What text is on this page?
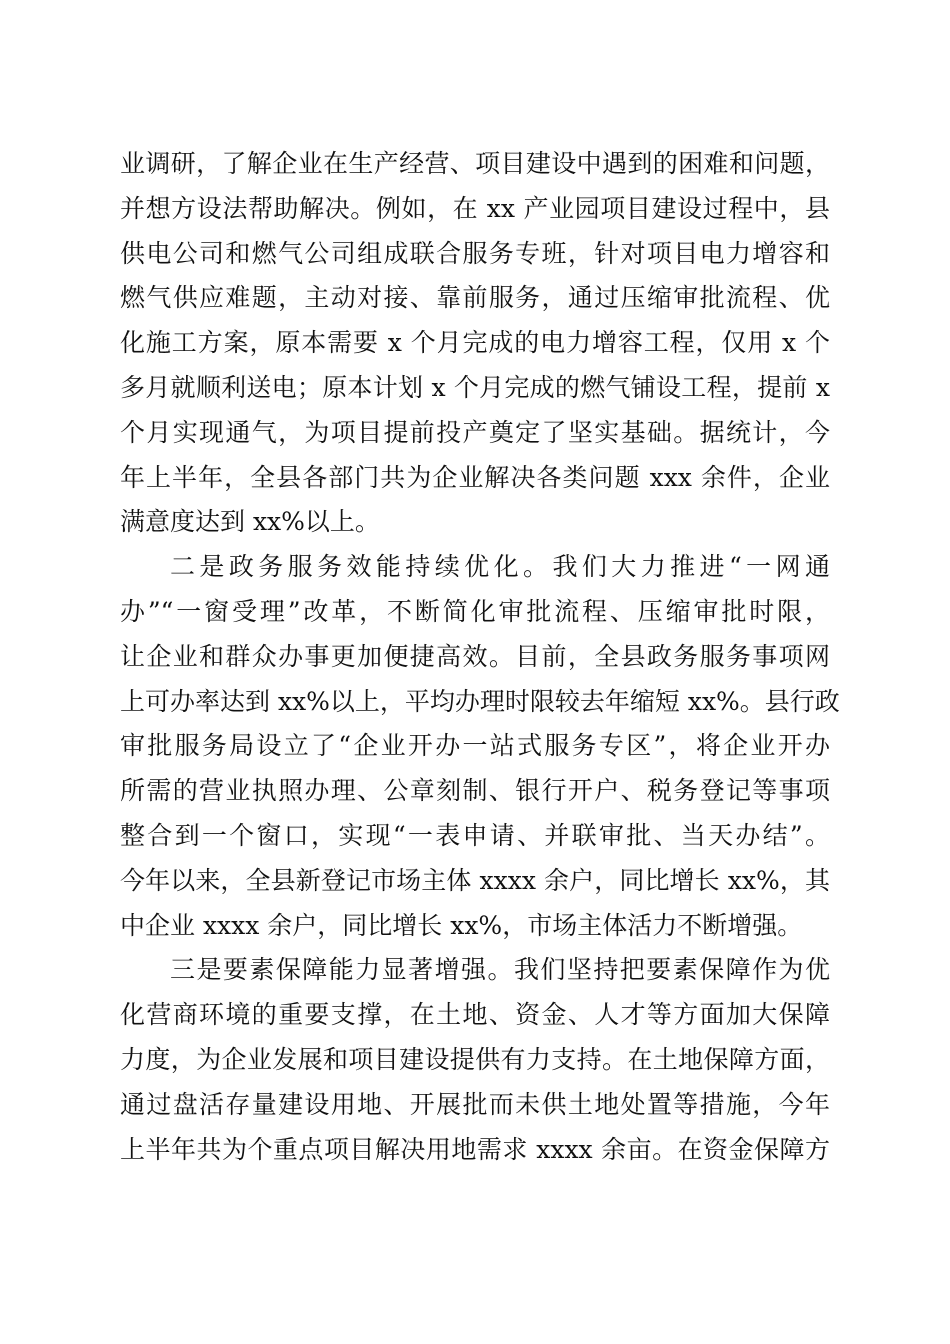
业调研，了解企业在生产经营、项目建设中遇到的困难和问题，
并想方设法帮助解决。例如，在 xx 产业园项目建设过程中，县
供电公司和燃气公司组成联合服务专班，针对项目电力增容和
燃气供应难题，主动对接、靠前服务，通过压缩审批流程、优
化施工方案，原本需要 x 个月完成的电力增容工程，仅用 x 个
多月就顺利送电；原本计划 x 个月完成的燃气铺设工程，提前 x
个月实现通气，为项目提前投产奠定了坚实基础。据统计，今
年上半年，全县各部门共为企业解决各类问题 xxx 余件，企业
满意度达到 xx%以上。
二是政务服务效能持续优化。我们大力推进“一网通
办”“一窗受理”改革，不断简化审批流程、压缩审批时限，
让企业和群众办事更加便捷高效。目前，全县政务服务事项网
上可办率达到 xx%以上，平均办理时限较去年缩短 xx%。县行政
审批服务局设立了“企业开办一站式服务专区”，将企业开办
所需的营业执照办理、公章刻制、银行开户、税务登记等事项
整合到一个窗口，实现“一表申请、并联审批、当天办结”。
今年以来，全县新登记市场主体 xxxx 余户，同比增长 xx%，其
中企业 xxxx 余户，同比增长 xx%，市场主体活力不断增强。
三是要素保障能力显著增强。我们坚持把要素保障作为优
化营商环境的重要支撑，在土地、资金、人才等方面加大保障
力度，为企业发展和项目建设提供有力支持。在土地保障方面，
通过盘活存量建设用地、开展批而未供土地处置等措施，今年
上半年共为个重点项目解决用地需求 xxxx 余亩。在资金保障方
